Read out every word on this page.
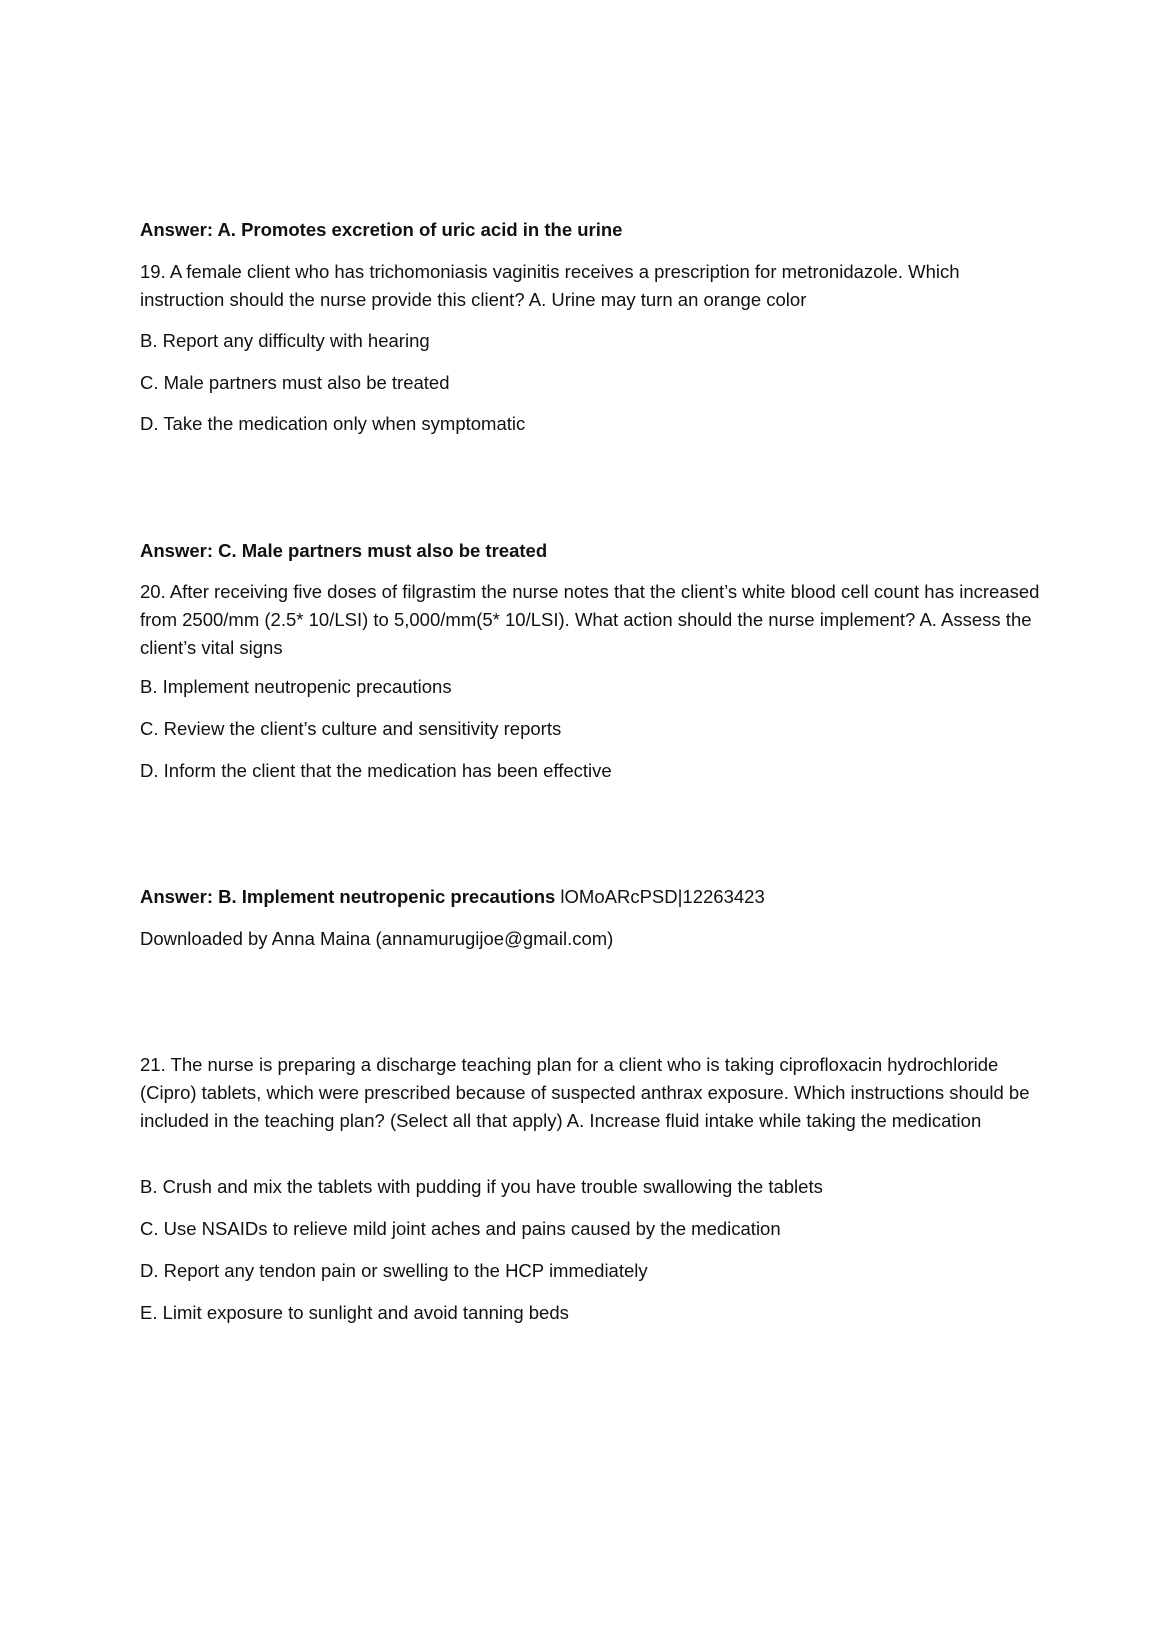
Answer: A. Promotes excretion of uric acid in the urine

19. A female client who has trichomoniasis vaginitis receives a prescription for metronidazole. Which instruction should the nurse provide this client? A. Urine may turn an orange color

B. Report any difficulty with hearing

C. Male partners must also be treated

D. Take the medication only when symptomatic

Answer: C. Male partners must also be treated

20. After receiving five doses of filgrastim the nurse notes that the client’s white blood cell count has increased from 2500/mm (2.5* 10/LSI) to 5,000/mm(5* 10/LSI). What action should the nurse implement? A. Assess the client’s vital signs

B. Implement neutropenic precautions

C. Review the client’s culture and sensitivity reports

D. Inform the client that the medication has been effective

Answer: B. Implement neutropenic precautions lOMoARcPSD|12263423

Downloaded by Anna Maina (annamurugijoe@gmail.com)

21. The nurse is preparing a discharge teaching plan for a client who is taking ciprofloxacin hydrochloride (Cipro) tablets, which were prescribed because of suspected anthrax exposure. Which instructions should be included in the teaching plan? (Select all that apply) A. Increase fluid intake while taking the medication

B. Crush and mix the tablets with pudding if you have trouble swallowing the tablets

C. Use NSAIDs to relieve mild joint aches and pains caused by the medication

D. Report any tendon pain or swelling to the HCP immediately

E. Limit exposure to sunlight and avoid tanning beds
